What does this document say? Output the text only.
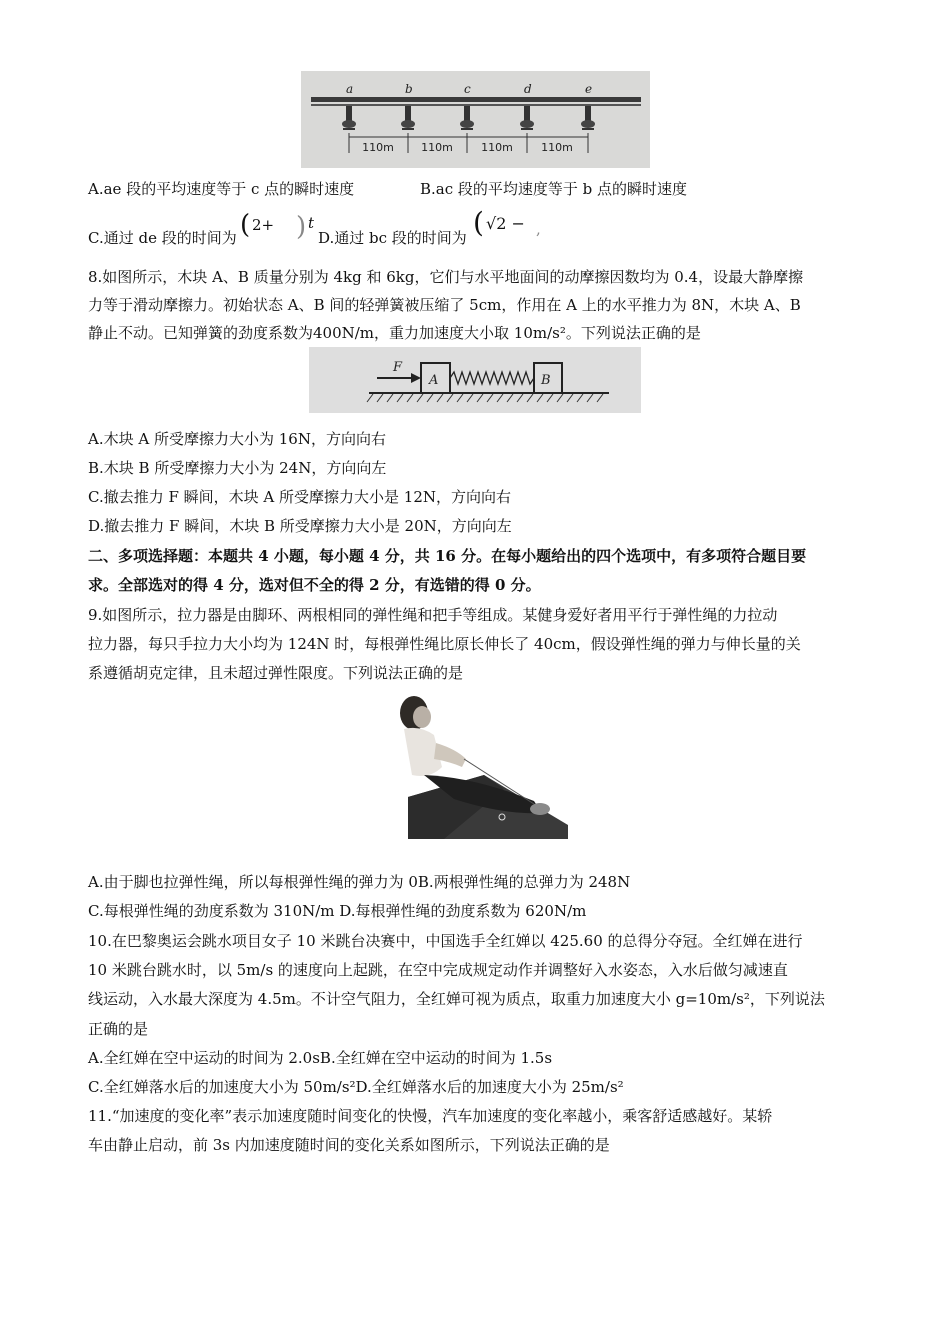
a	b	c	d	e
110m 110m	110m	110m
A.ae 段的平均速度等于 c 点的瞬时速度	B.ac 段的平均速度等于 b 点的瞬时速度
C.通过 de 段的时间为 ( 2+ ) t
D.通过 bc 段的时间为 ( √2 − ,
8.如图所示，木块 A、B 质量分别为 4kg 和 6kg，它们与水平地面间的动摩擦因数均为 0.4，设最大静摩擦
力等于滑动摩擦力。初始状态 A、B 间的轻弹簧被压缩了 5cm，作用在 A 上的水平推力为 8N，木块 A、B
静止不动。已知弹簧的劲度系数为400N/m，重力加速度大小取 10m/s²。下列说法正确的是
F
A	B
A.木块 A 所受摩擦力大小为 16N，方向向右
B.木块 B 所受摩擦力大小为 24N，方向向左
C.撤去推力 F 瞬间，木块 A 所受摩擦力大小是 12N，方向向右
D.撤去推力 F 瞬间，木块 B 所受摩擦力大小是 20N，方向向左
二、多项选择题：本题共 4 小题，每小题 4 分，共 16 分。在每小题给出的四个选项中，有多项符合题目要
求。全部选对的得 4 分，选对但不全的得 2 分，有选错的得 0 分。
9.如图所示，拉力器是由脚环、两根相同的弹性绳和把手等组成。某健身爱好者用平行于弹性绳的力拉动
拉力器，每只手拉力大小均为 124N 时，每根弹性绳比原长伸长了 40cm，假设弹性绳的弹力与伸长量的关
系遵循胡克定律，且未超过弹性限度。下列说法正确的是
A.由于脚也拉弹性绳，所以每根弹性绳的弹力为 0B.两根弹性绳的总弹力为 248N
C.每根弹性绳的劲度系数为 310N/m D.每根弹性绳的劲度系数为 620N/m
10.在巴黎奥运会跳水项目女子 10 米跳台决赛中，中国选手全红婵以 425.60 的总得分夺冠。全红婵在进行
10 米跳台跳水时，以 5m/s 的速度向上起跳，在空中完成规定动作并调整好入水姿态，入水后做匀减速直
线运动，入水最大深度为 4.5m。不计空气阻力，全红婵可视为质点，取重力加速度大小 g=10m/s²，下列说法
正确的是
A.全红婵在空中运动的时间为 2.0sB.全红婵在空中运动的时间为 1.5s
C.全红婵落水后的加速度大小为 50m/s²D.全红婵落水后的加速度大小为 25m/s²
11.“加速度的变化率”表示加速度随时间变化的快慢，汽车加速度的变化率越小，乘客舒适感越好。某轿
车由静止启动，前 3s 内加速度随时间的变化关系如图所示，下列说法正确的是
